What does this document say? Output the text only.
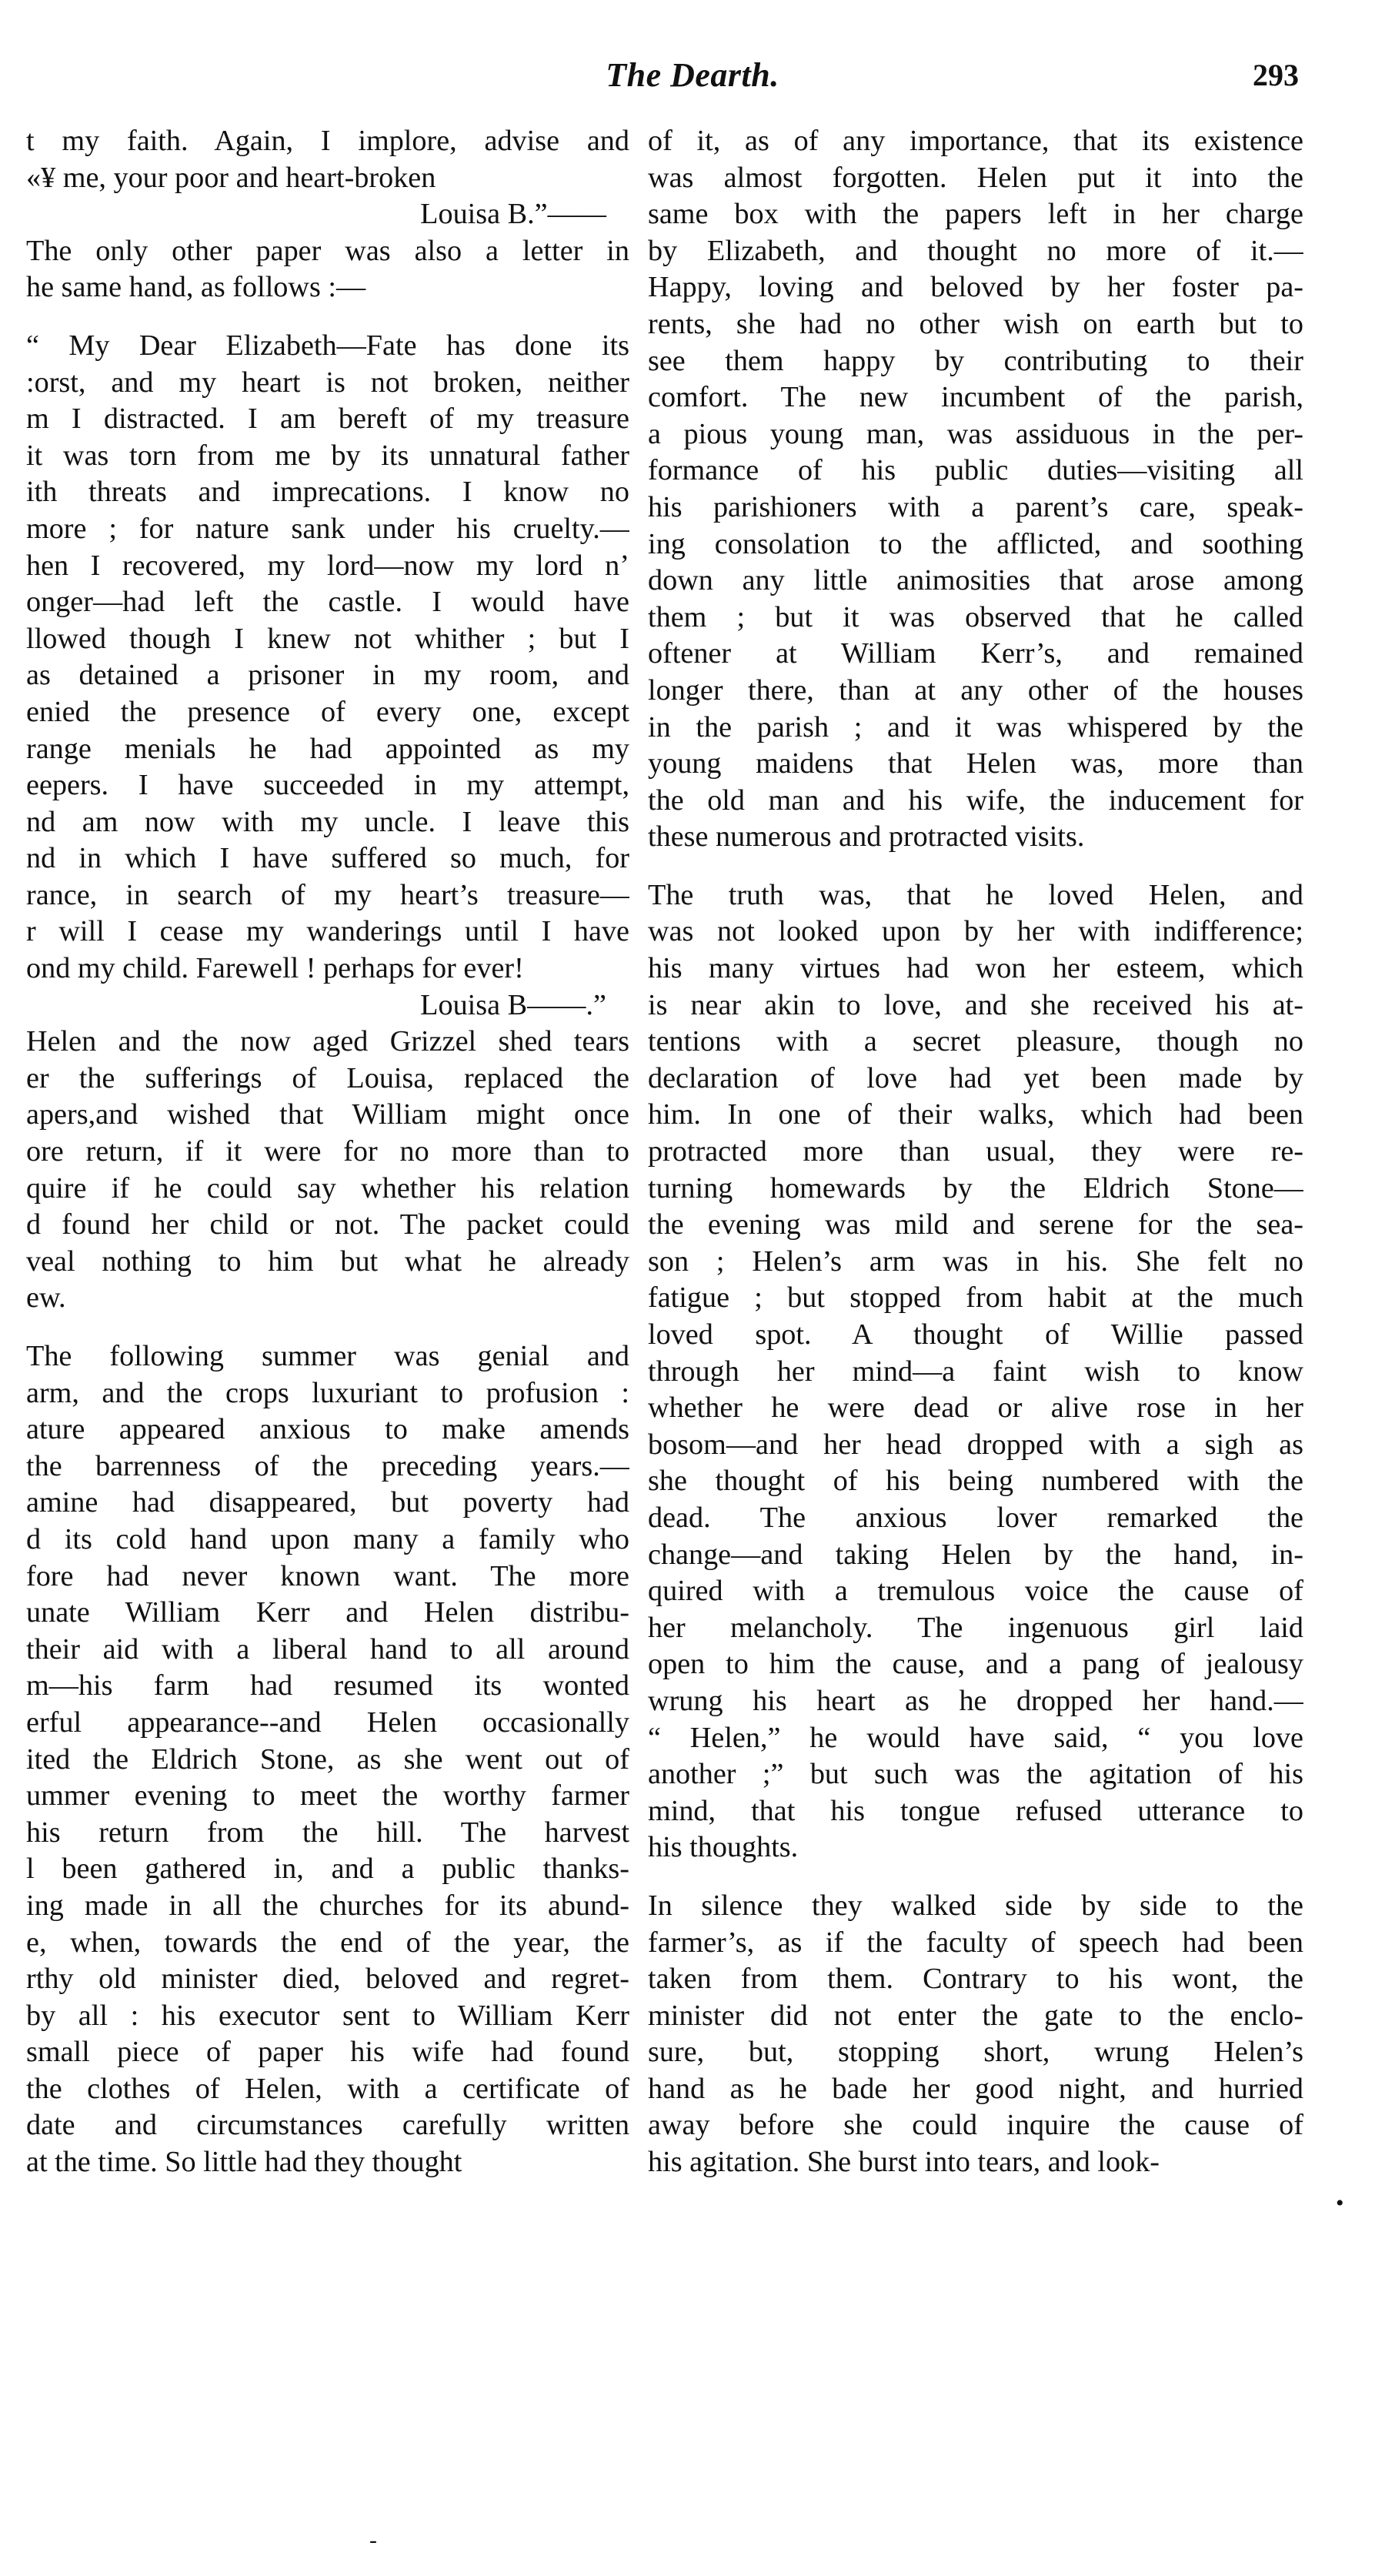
The Dearth.	293

t my faith. Again, I implore, advise and
«¥ me, your poor and heart-broken

Louisa B.”——

The only other paper was also a letter in
he same hand, as follows :—

“ My Dear Elizabeth—Fate has done its
:orst, and my heart is not broken, neither
m I distracted. I am bereft of my treasure
it was torn from me by its unnatural father
ith threats and imprecations. I know no
more ; for nature sank under his cruelty.—
hen I recovered, my lord—now my lord nʼ
onger—had left the castle. I would have
llowed though I knew not whither ; but I
as detained a prisoner in my room, and
enied the presence of every one, except
range menials he had appointed as my
eepers. I have succeeded in my attempt,
nd am now with my uncle. I leave this
nd in which I have suffered so much, for
rance, in search of my heart’s treasure—
r will I cease my wanderings until I have
ond my child. Farewell ! perhaps for ever!

Louisa B——.”

Helen and the now aged Grizzel shed tears
er the sufferings of Louisa, replaced the
apers,and wished that William might once
ore return, if it were for no more than to
quire if he could say whether his relation
d found her child or not. The packet could
veal nothing to him but what he already
ew.

The following summer was genial and
arm, and the crops luxuriant to profusion :
ature appeared anxious to make amends
the barrenness of the preceding years.—
amine had disappeared, but poverty had
d its cold hand upon many a family who
fore had never known want. The more
unate William Kerr and Helen distribu-
their aid with a liberal hand to all around
m—his farm had resumed its wonted
erful appearance--and Helen occasionally
ited the Eldrich Stone, as she went out of
ummer evening to meet the worthy farmer
his return from the hill. The harvest
l been gathered in, and a public thanks-
ing made in all the churches for its abund-
e, when, towards the end of the year, the
rthy old minister died, beloved and regret-
by all : his executor sent to William Kerr
small piece of paper his wife had found
the clothes of Helen, with a certificate of
date and circumstances carefully written
at the time. So little had they thought

of it, as of any importance, that its existence
was almost forgotten. Helen put it into the
same box with the papers left in her charge
by Elizabeth, and thought no more of it.—
Happy, loving and beloved by her foster pa-
rents, she had no other wish on earth but to
see them happy by contributing to their
comfort. The new incumbent of the parish,
a pious young man, was assiduous in the per-
formance of his public duties—visiting all
his parishioners with a parent’s care, speak-
ing consolation to the afflicted, and soothing
down any little animosities that arose among
them ; but it was observed that he called
oftener at William Kerr’s, and remained
longer there, than at any other of the houses
in the parish ; and it was whispered by the
young maidens that Helen was, more than
the old man and his wife, the inducement for
these numerous and protracted visits.

The truth was, that he loved Helen, and
was not looked upon by her with indifference;
his many virtues had won her esteem, which
is near akin to love, and she received his at-
tentions with a secret pleasure, though no
declaration of love had yet been made by
him. In one of their walks, which had been
protracted more than usual, they were re-
turning homewards by the Eldrich Stone—
the evening was mild and serene for the sea-
son ; Helen’s arm was in his. She felt no
fatigue ; but stopped from habit at the much
loved spot. A thought of Willie passed
through her mind—a faint wish to know
whether he were dead or alive rose in her
bosom—and her head dropped with a sigh as
she thought of his being numbered with the
dead. The anxious lover remarked the
change—and taking Helen by the hand, in-
quired with a tremulous voice the cause of
her melancholy. The ingenuous girl laid
open to him the cause, and a pang of jealousy
wrung his heart as he dropped her hand.—
“ Helen,” he would have said, “ you love
another ;” but such was the agitation of his
mind, that his tongue refused utterance to
his thoughts.

In silence they walked side by side to the
farmer’s, as if the faculty of speech had been
taken from them. Contrary to his wont, the
minister did not enter the gate to the enclo-
sure, but, stopping short, wrung Helen’s
hand as he bade her good night, and hurried
away before she could inquire the cause of
his agitation. She burst into tears, and look-

•
-
